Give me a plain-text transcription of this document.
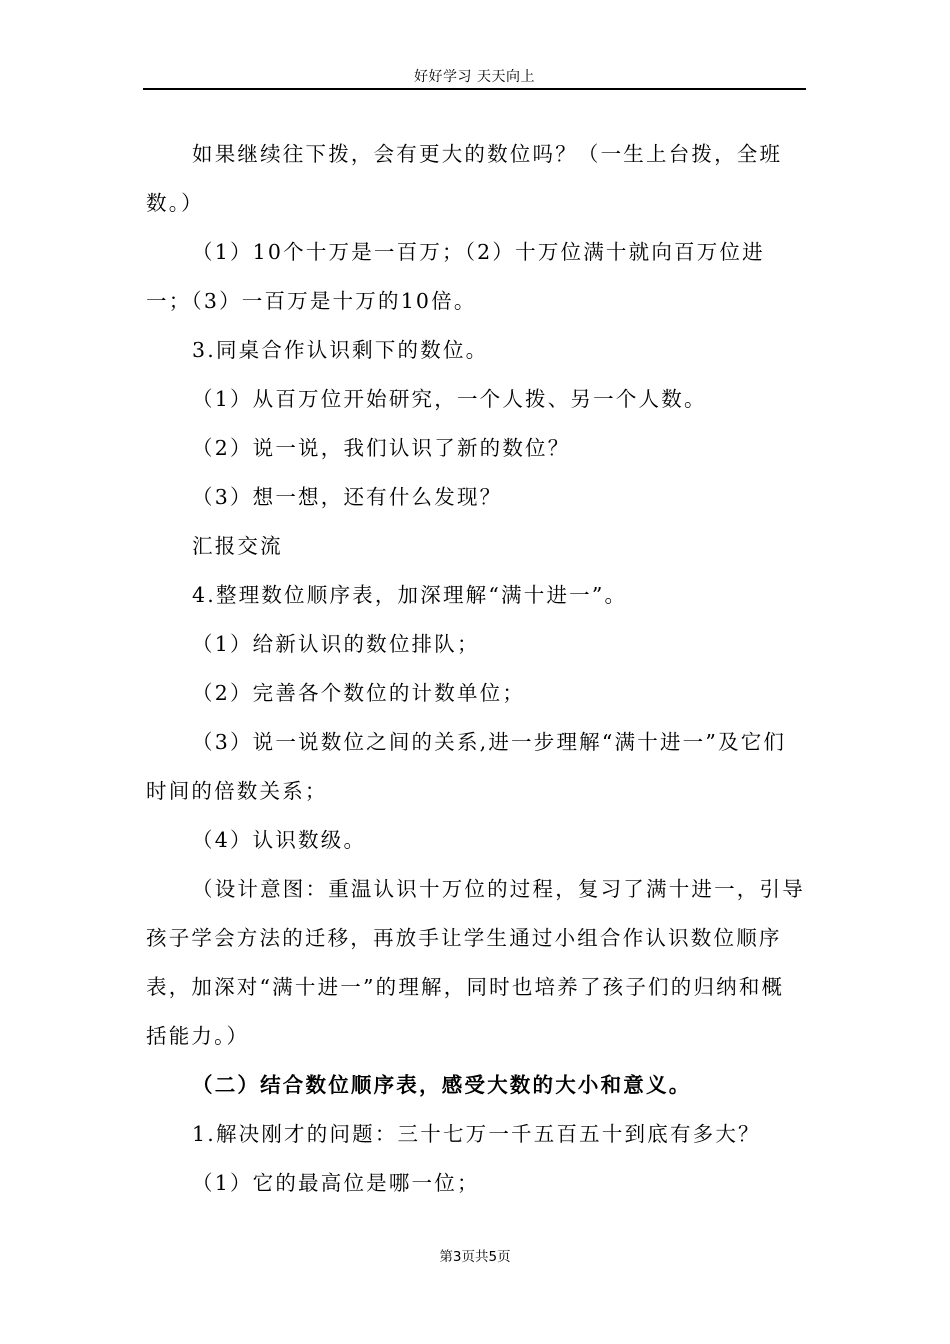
好好学习 天天向上

如果继续往下拨，会有更大的数位吗？（一生上台拨，全班数。）

（1）10个十万是一百万；（2）十万位满十就向百万位进一；（3）一百万是十万的10倍。

3.同桌合作认识剩下的数位。

（1）从百万位开始研究，一个人拨、另一个人数。

（2）说一说，我们认识了新的数位？

（3）想一想，还有什么发现？

汇报交流

4.整理数位顺序表，加深理解“满十进一”。

（1）给新认识的数位排队；

（2）完善各个数位的计数单位；

（3）说一说数位之间的关系,进一步理解“满十进一”及它们时间的倍数关系；

（4）认识数级。

（设计意图：重温认识十万位的过程，复习了满十进一，引导孩子学会方法的迁移，再放手让学生通过小组合作认识数位顺序表，加深对“满十进一”的理解，同时也培养了孩子们的归纳和概括能力。）

（二）结合数位顺序表，感受大数的大小和意义。

1.解决刚才的问题：三十七万一千五百五十到底有多大？

（1）它的最高位是哪一位；

第3页共5页
